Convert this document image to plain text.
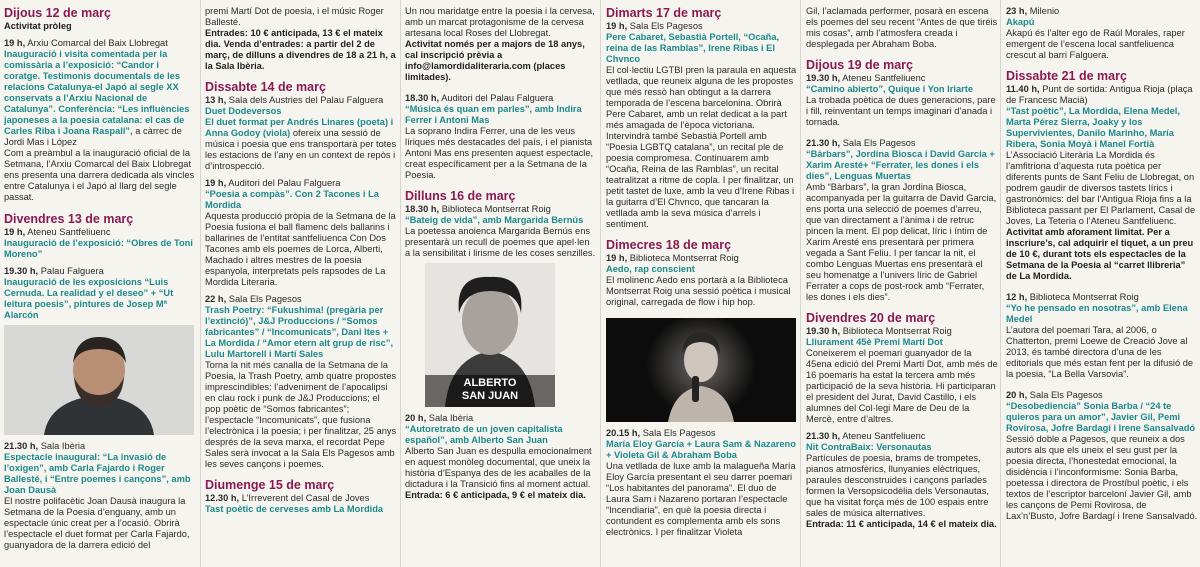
Dijous 12 de març
Activitat pròleg
19 h, Arxiu Comarcal del Baix Llobregat
Inauguració i visita comentada per la comissària a l’exposició: “Candor i coratge. Testimonis documentals de les relacions Catalunya-el Japó al segle XX conservats a l’Arxiu Nacional de Catalunya”. Conferència: “Les influències japoneses a la poesia catalana: el cas de Carles Riba i Joana Raspall”, a càrrec de Jordi Mas i López
Com a preàmbul a la inauguració oficial de la Setmana, l’Arxiu Comarcal del Baix Llobregat ens presenta una darrera dedicada als vincles entre Catalunya i el Japó al llarg del segle passat.
Divendres 13 de març
19 h, Ateneu Santfeliuenc
Inauguració de l’exposició: “Obres de Toni Moreno”
19.30 h, Palau Falguera
Inauguració de les exposicions “Luis Cernuda. La realidad y el deseo” + “Ut leitura poesis”, pintures de Josep Mª Alarcón
21.30 h, Sala Ibèria
Espectacle inaugural: “La invasió de l’oxigen”, amb Carla Fajardo i Roger Ballesté, i “Entre poemes i cançons”, amb Joan Dausà
El nostre polifacètic Joan Dausà inaugura la Setmana de la Poesia d’enguany, amb un espectacle únic creat per a l’ocasió. Obrirà l’espectacle el duet format per Carla Fajardo, guanyadora de la darrera edició del
premi Martí Dot de poesia, i el músic Roger Ballesté.
Entrades: 10 € anticipada, 13 € el mateix dia. Venda d’entrades: a partir del 2 de març, de dilluns a divendres de 18 a 21 h, a la Sala Ibèria.
Dissabte 14 de març
13 h, Sala dels Austries del Palau Falguera
Duet Dodeversos
El duet format per Andrés Linares (poeta) i Anna Godoy (viola) ofereix una sessió de música i poesia que ens transportarà per totes les estacions de l’any en un context de repòs i d’introspecció.
19 h, Auditori del Palau Falguera
“Poesia a compàs”. Con 2 Tacones i La Mordida
Aquesta producció pròpia de la Setmana de la Poesia fusiona el ball flamenc dels ballarins i ballarines de l’entitat santfeliuenca Con Dos Tacones amb els poemes de Lorca, Alberti, Machado i altres mestres de la poesia espanyola, interpretats pels rapsodes de La Mordida Literaria.
22 h, Sala Els Pagesos
Trash Poetry: “Fukushima! (pregària per l’extinció)”, J&J Produccions / “Somos fabricantes” / “Incomunicats”, Dani Ites + La Mordida / “Amor etern alt grup de risc”, Lulu Martorell i Martí Sales
Torna la nit més canalla de la Setmana de la Poesia, la Trash Poetry, amb quatre propostes imprescindibles: l’adveniment de l’apocalipsi en clau rock i punk de J&J Produccions; el pop poètic de “Somos fabricantes”; l’espectacle “Incomunicats”, que fusiona l’electrònica i la poesia; i per finalitzar, 25 anys després de la seva marxa, el recordat Pepe Sales serà invocat a la Sala Els Pagesos amb les seves cançons i poemes.
Diumenge 15 de març
12.30 h, L’Irreverent del Casal de Joves
Tast poètic de cerveses amb La Mordida
Un nou maridatge entre la poesia i la cervesa, amb un marcat protagonisme de la cervesa artesana local Roses del Llobregat.
Activitat només per a majors de 18 anys, cal inscripció prèvia a info@lamordidaliteraria.com (places limitades).
18.30 h, Auditori del Palau Falguera
“Música és quan em parles”, amb Indira Ferrer i Antoni Mas
La soprano Indira Ferrer, una de les veus líriques més destacades del país, i el pianista Antoni Mas ens presenten aquest espectacle, creat específicament per a la Setmana de la Poesia.
Dilluns 16 de març
18.30 h, Biblioteca Montserrat Roig
“Bateig de vida”, amb Margarida Bernús
La poetessa anoienca Margarida Bernús ens presentarà un recull de poemes que apel·len a la sensibilitat i lirisme de les coses senzilles.
ALBERTO
SAN JUAN
20 h, Sala Ibèria
“Autoretrato de un joven capitalista español”, amb Alberto San Juan
Alberto San Juan es despulla emocionalment en aquest monòleg documental, que uneix la història d’Espanya des de les acaballes de la dictadura i la Transició fins al moment actual.
Entrada: 6 € anticipada, 9 € el mateix dia.
Dimarts 17 de març
19 h, Sala Els Pagesos
Pere Cabaret, Sebastià Portell, “Ocaña, reina de las Ramblas”, Irene Ribas i El Chvnco
El col·lectiu LGTBI pren la paraula en aquesta vetllada, que reuneix alguna de les propostes que més ressò han obtingut a la darrera temporada de l’escena barcelonina. Obrirà Pere Cabaret, amb un relat dedicat a la part més amagada de l’època victoriana. Intervindrà també Sebastià Portell amb “Poesia LGBTQ catalana”, un recital ple de poesia compromesa. Continuarem amb “Ocaña, Reina de las Ramblas”, un recital teatralitzat a ritme de copla. I per finalitzar, un petit tastet de luxe, amb la veu d’Irene Ribas i la guitarra d’El Chvnco, que tancaran la vetllada amb la seva música d’arrels i sentiment.
Dimecres 18 de març
19 h, Biblioteca Montserrat Roig
Aedo, rap conscient
El molinenc Aedo ens portarà a la Biblioteca Montserrat Roig una sessió poètica i musical original, carregada de flow i hip hop.
20.15 h, Sala Els Pagesos
María Eloy García + Laura Sam & Nazareno + Violeta Gil & Abraham Boba
Una vetllada de luxe amb la malagueña María Eloy García presentant el seu darrer poemari “Los habitantes del panorama”. El duo de Laura Sam i Nazareno portaran l’espectacle “Incendiaria”, en què la poesia directa i contundent es complementa amb els sons electrònics. I per finalitzar Violeta
Gil, l’aclamada performer, posarà en escena els poemes del seu recent “Antes de que tiréis mis cosas”, amb l’atmosfera creada i desplegada per Abraham Boba.
Dijous 19 de març
19.30 h, Ateneu Santfeliuenc
“Camino abierto”, Quique i Yon Iriarte
La trobada poètica de dues generacions, pare i fill, reinventant un temps imaginari d’anada i tornada.
21.30 h, Sala Els Pagesos
“Bàrbars”, Jordina Biosca i David Garcia + Xarim Aresté+ “Ferrater, les dones i els dies”, Lenguas Muertas
Amb “Bàrbars”, la gran Jordina Biosca, acompanyada per la guitarra de David Garcia, ens porta una selecció de poemes d’arreu, que van directament a l’ànima i de retruc pincen la ment. El pop delicat, líric i íntim de Xarim Aresté ens presentarà per primera vegada a Sant Feliu. I per tancar la nit, el combo Lenguas Muertas ens presentarà el seu homenatge a l’univers líric de Gabriel Ferrater a cops de post-rock amb “Ferrater, les dones i els dies”.
Divendres 20 de març
19.30 h, Biblioteca Montserrat Roig
Lliurament 45è Premi Martí Dot
Coneixerem el poemari guanyador de la 45ena edició del Premi Martí Dot, amb més de 16 poemaris ha estat la tercera amb més participació de la seva història. Hi participaran el president del Jurat, David Castillo, i els alumnes del Col·legi Mare de Deu de la Mercè, entre d’altres.
21.30 h, Ateneu Santfeliuenc
Nit ContraBaix: Versonautas
Partícules de poesia, brams de trompetes, pianos atmosfèrics, llunyanies elèctriques, paraules desconstruides i cançons parlades formen la Versopsicodèlia dels Versonautas, que ha visitat força més de 100 espais entre sales de música alternatives.
Entrada: 11 € anticipada, 14 € el mateix dia.
23 h, Milenio
Akapú
Akapú és l’alter ego de Raúl Morales, raper emergent de l’escena local santfeliuenca crescut al barri Falguera.
Dissabte 21 de març
11.40 h, Punt de sortida: Antigua Rioja (plaça de Francesc Macià)
“Tast poètic”, La Mordida, Elena Medel, Marta Pérez Sierra, Joaky y los Supervivientes, Danilo Marinho, María Ribera, Sonia Moyà i Manel Fortià
L’Associació Literària La Mordida és l’amfitriona d’aquesta ruta poètica per diferents punts de Sant Feliu de Llobregat, on podrem gaudir de diversos tastets lírics i gastronòmics: del bar l’Antigua Rioja fins a la Biblioteca passant per El Parlament, Casal de Joves, La Teteria o l’Ateneu Santfeliuenc.
Activitat amb aforament limitat. Per a inscriure’s, cal adquirir el tiquet, a un preu de 10 €, durant tots els espectacles de la Setmana de la Poesia al “carret llibreria” de La Mordida.
12 h, Biblioteca Montserrat Roig
“Yo he pensado en nosotras”, amb Elena Medel
L’autora del poemari Tara, al 2006, o Chatterton, premi Loewe de Creació Jove al 2013, és també directora d’una de les editorials que més estan fent per la difusió de la poesia, “La Bella Varsovia”.
20 h, Sala Els Pagesos
“Desobediencia” Sonia Barba / “24 te quieros para un amor”, Javier Gil, Pemi Rovirosa, Jofre Bardagí i Irene Sansalvadó
Sessió doble a Pagesos, que reuneix a dos autors als que els uneix el seu gust per la poesia directa, l’honestedat emocional, la disidència i l’inconformisme: Sonia Barba, poetessa i directora de Prostíbul poètic, i els textos de l’escriptor barceloní Javier Gil, amb les cançons de Pemi Rovirosa, de Lax’n’Busto, Jofre Bardagí i Irene Sansalvadó.
